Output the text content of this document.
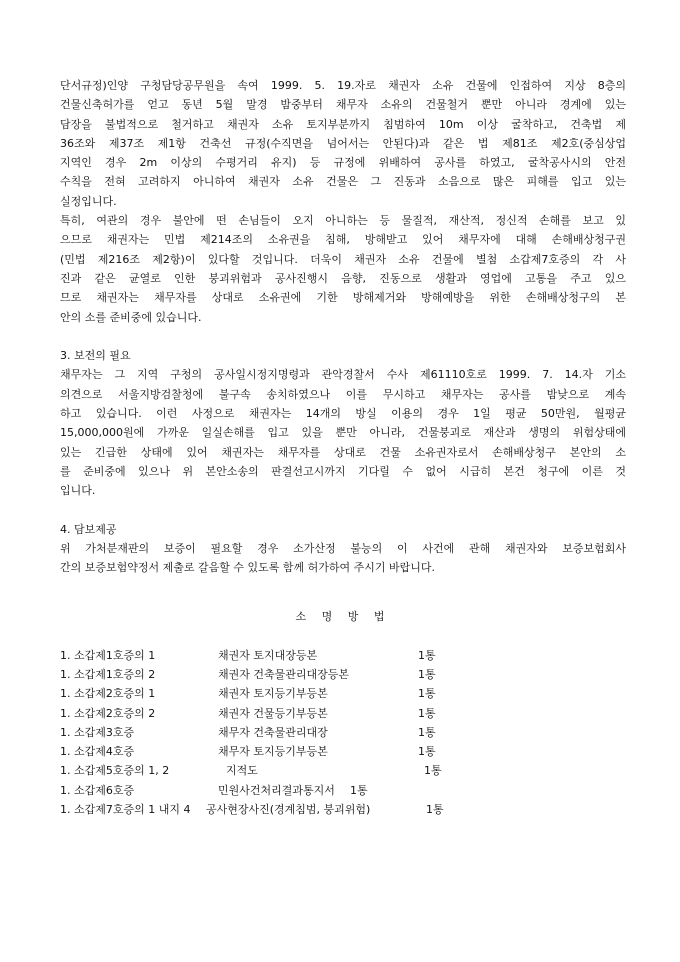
단서규정)인양 구청담당공무원을 속여 1999. 5. 19.자로 채권자 소유 건물에 인접하여 지상 8층의
건물신축허가를 얻고 동년 5월 말경 밤중부터 채무자 소유의 건물철거 뿐만 아니라 경계에 있는
담장을 불법적으로 철거하고 채권자 소유 토지부분까지 침범하여 10m 이상 굴착하고, 건축법 제
36조와 제37조 제1항 건축선 규정(수직면을 넘어서는 안된다)과 같은 법 제81조 제2호(중심상업
지역인 경우 2m 이상의 수평거리 유지) 등 규정에 위배하여 공사를 하였고, 굴착공사시의 안전
수칙을 전혀 고려하지 아니하여 채권자 소유 건물은 그 진동과 소음으로 많은 피해를 입고 있는
실정입니다.
특히, 여관의 경우 불안에 떤 손님들이 오지 아니하는 등 물질적, 재산적, 정신적 손해를 보고 있
으므로 채권자는 민법 제214조의 소유권을 침해, 방해받고 있어 채무자에 대해 손해배상청구권
(민법 제216조 제2항)이 있다할 것입니다. 더욱이 채권자 소유 건물에 별첨 소갑제7호증의 각 사
진과 같은 균열로 인한 붕괴위험과 공사진행시 음향, 진동으로 생활과 영업에 고통을 주고 있으
므로 채권자는 채무자를 상대로 소유권에 기한 방해제거와 방해예방을 위한 손해배상청구의 본
안의 소를 준비중에 있습니다.
3. 보전의 필요
채무자는 그 지역 구청의 공사일시정지명령과 관악경찰서 수사 제61110호로 1999. 7. 14.자 기소
의견으로 서울지방검찰청에 불구속 송치하였으나 이를 무시하고 채무자는 공사를 밤낮으로 계속
하고 있습니다. 이런 사정으로 채권자는 14개의 방실 이용의 경우 1일 평균 50만원, 월평균
15,000,000원에 가까운 일실손해를 입고 있을 뿐만 아니라, 건물붕괴로 재산과 생명의 위험상태에
있는 긴급한 상태에 있어 채권자는 채무자를 상대로 건물 소유권자로서 손해배상청구 본안의 소
를 준비중에 있으나 위 본안소송의 판결선고시까지 기다릴 수 없어 시급히 본건 청구에 이른 것
입니다.
4. 담보제공
위 가처분재판의 보증이 필요할 경우 소가산정 불능의 이 사건에 관해 채권자와 보증보험회사
간의 보증보험약정서 제출로 갈음할 수 있도록 함께 허가하여 주시기 바랍니다.
소 명 방 법
1. 소갑제1호증의 1	채권자 토지대장등본	1통
1. 소갑제1호증의 2	채권자 건축물관리대장등본	1통
1. 소갑제2호증의 1	채권자 토지등기부등본	1통
1. 소갑제2호증의 2	채권자 건물등기부등본	1통
1. 소갑제3호증	채무자 건축물관리대장	1통
1. 소갑제4호증	채무자 토지등기부등본	1통
1. 소갑제5호증의 1, 2	지적도	1통
1. 소갑제6호증	민원사건처리결과통지서 1통
1. 소갑제7호증의 1 내지 4 공사현장사진(경계침범, 붕괴위험)	1통
